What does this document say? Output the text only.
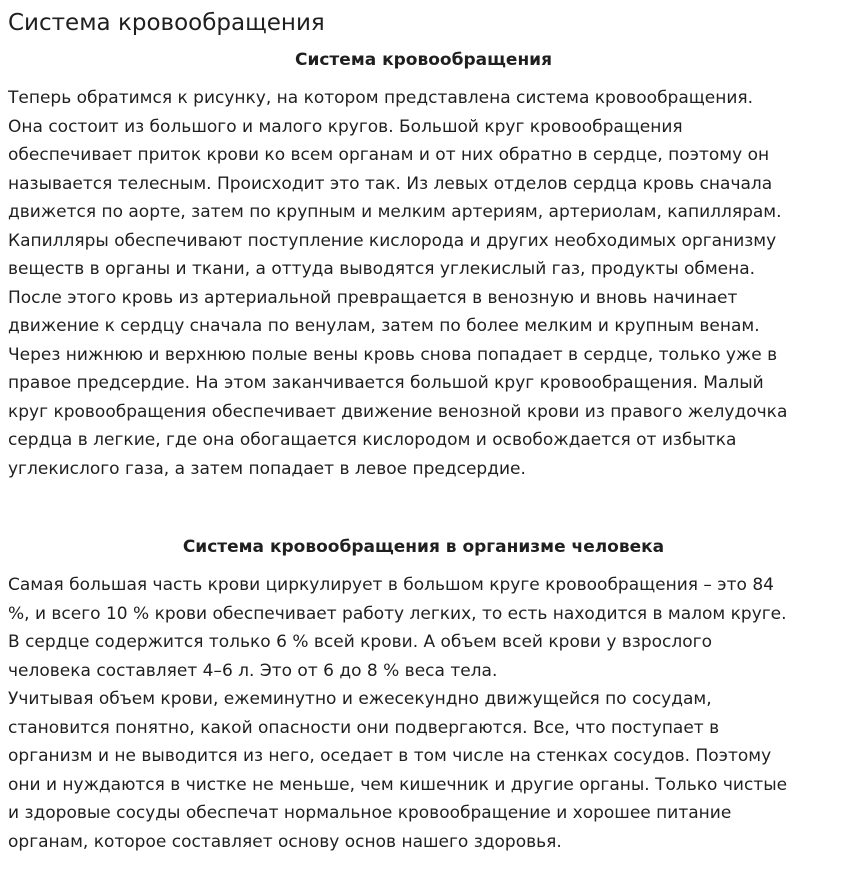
Система кровообращения
Система кровообращения

Теперь обратимся к рисунку, на котором представлена система кровообращения.
Она состоит из большого и малого кругов. Большой круг кровообращения
обеспечивает приток крови ко всем органам и от них обратно в сердце, поэтому он
называется телесным. Происходит это так. Из левых отделов сердца кровь сначала
движется по аорте, затем по крупным и мелким артериям, артериолам, капиллярам.
Капилляры обеспечивают поступление кислорода и других необходимых организму
веществ в органы и ткани, а оттуда выводятся углекислый газ, продукты обмена.
После этого кровь из артериальной превращается в венозную и вновь начинает
движение к сердцу сначала по венулам, затем по более мелким и крупным венам.
Через нижнюю и верхнюю полые вены кровь снова попадает в сердце, только уже в
правое предсердие. На этом заканчивается большой круг кровообращения. Малый
круг кровообращения обеспечивает движение венозной крови из правого желудочка
сердца в легкие, где она обогащается кислородом и освобождается от избытка
углекислого газа, а затем попадает в левое предсердие.

Система кровообращения в организме человека

Самая большая часть крови циркулирует в большом круге кровообращения – это 84
%, и всего 10 % крови обеспечивает работу легких, то есть находится в малом круге.
В сердце содержится только 6 % всей крови. А объем всей крови у взрослого
человека составляет 4–6 л. Это от 6 до 8 % веса тела.
Учитывая объем крови, ежеминутно и ежесекундно движущейся по сосудам,
становится понятно, какой опасности они подвергаются. Все, что поступает в
организм и не выводится из него, оседает в том числе на стенках сосудов. Поэтому
они и нуждаются в чистке не меньше, чем кишечник и другие органы. Только чистые
и здоровые сосуды обеспечат нормальное кровообращение и хорошее питание
органам, которое составляет основу основ нашего здоровья.
